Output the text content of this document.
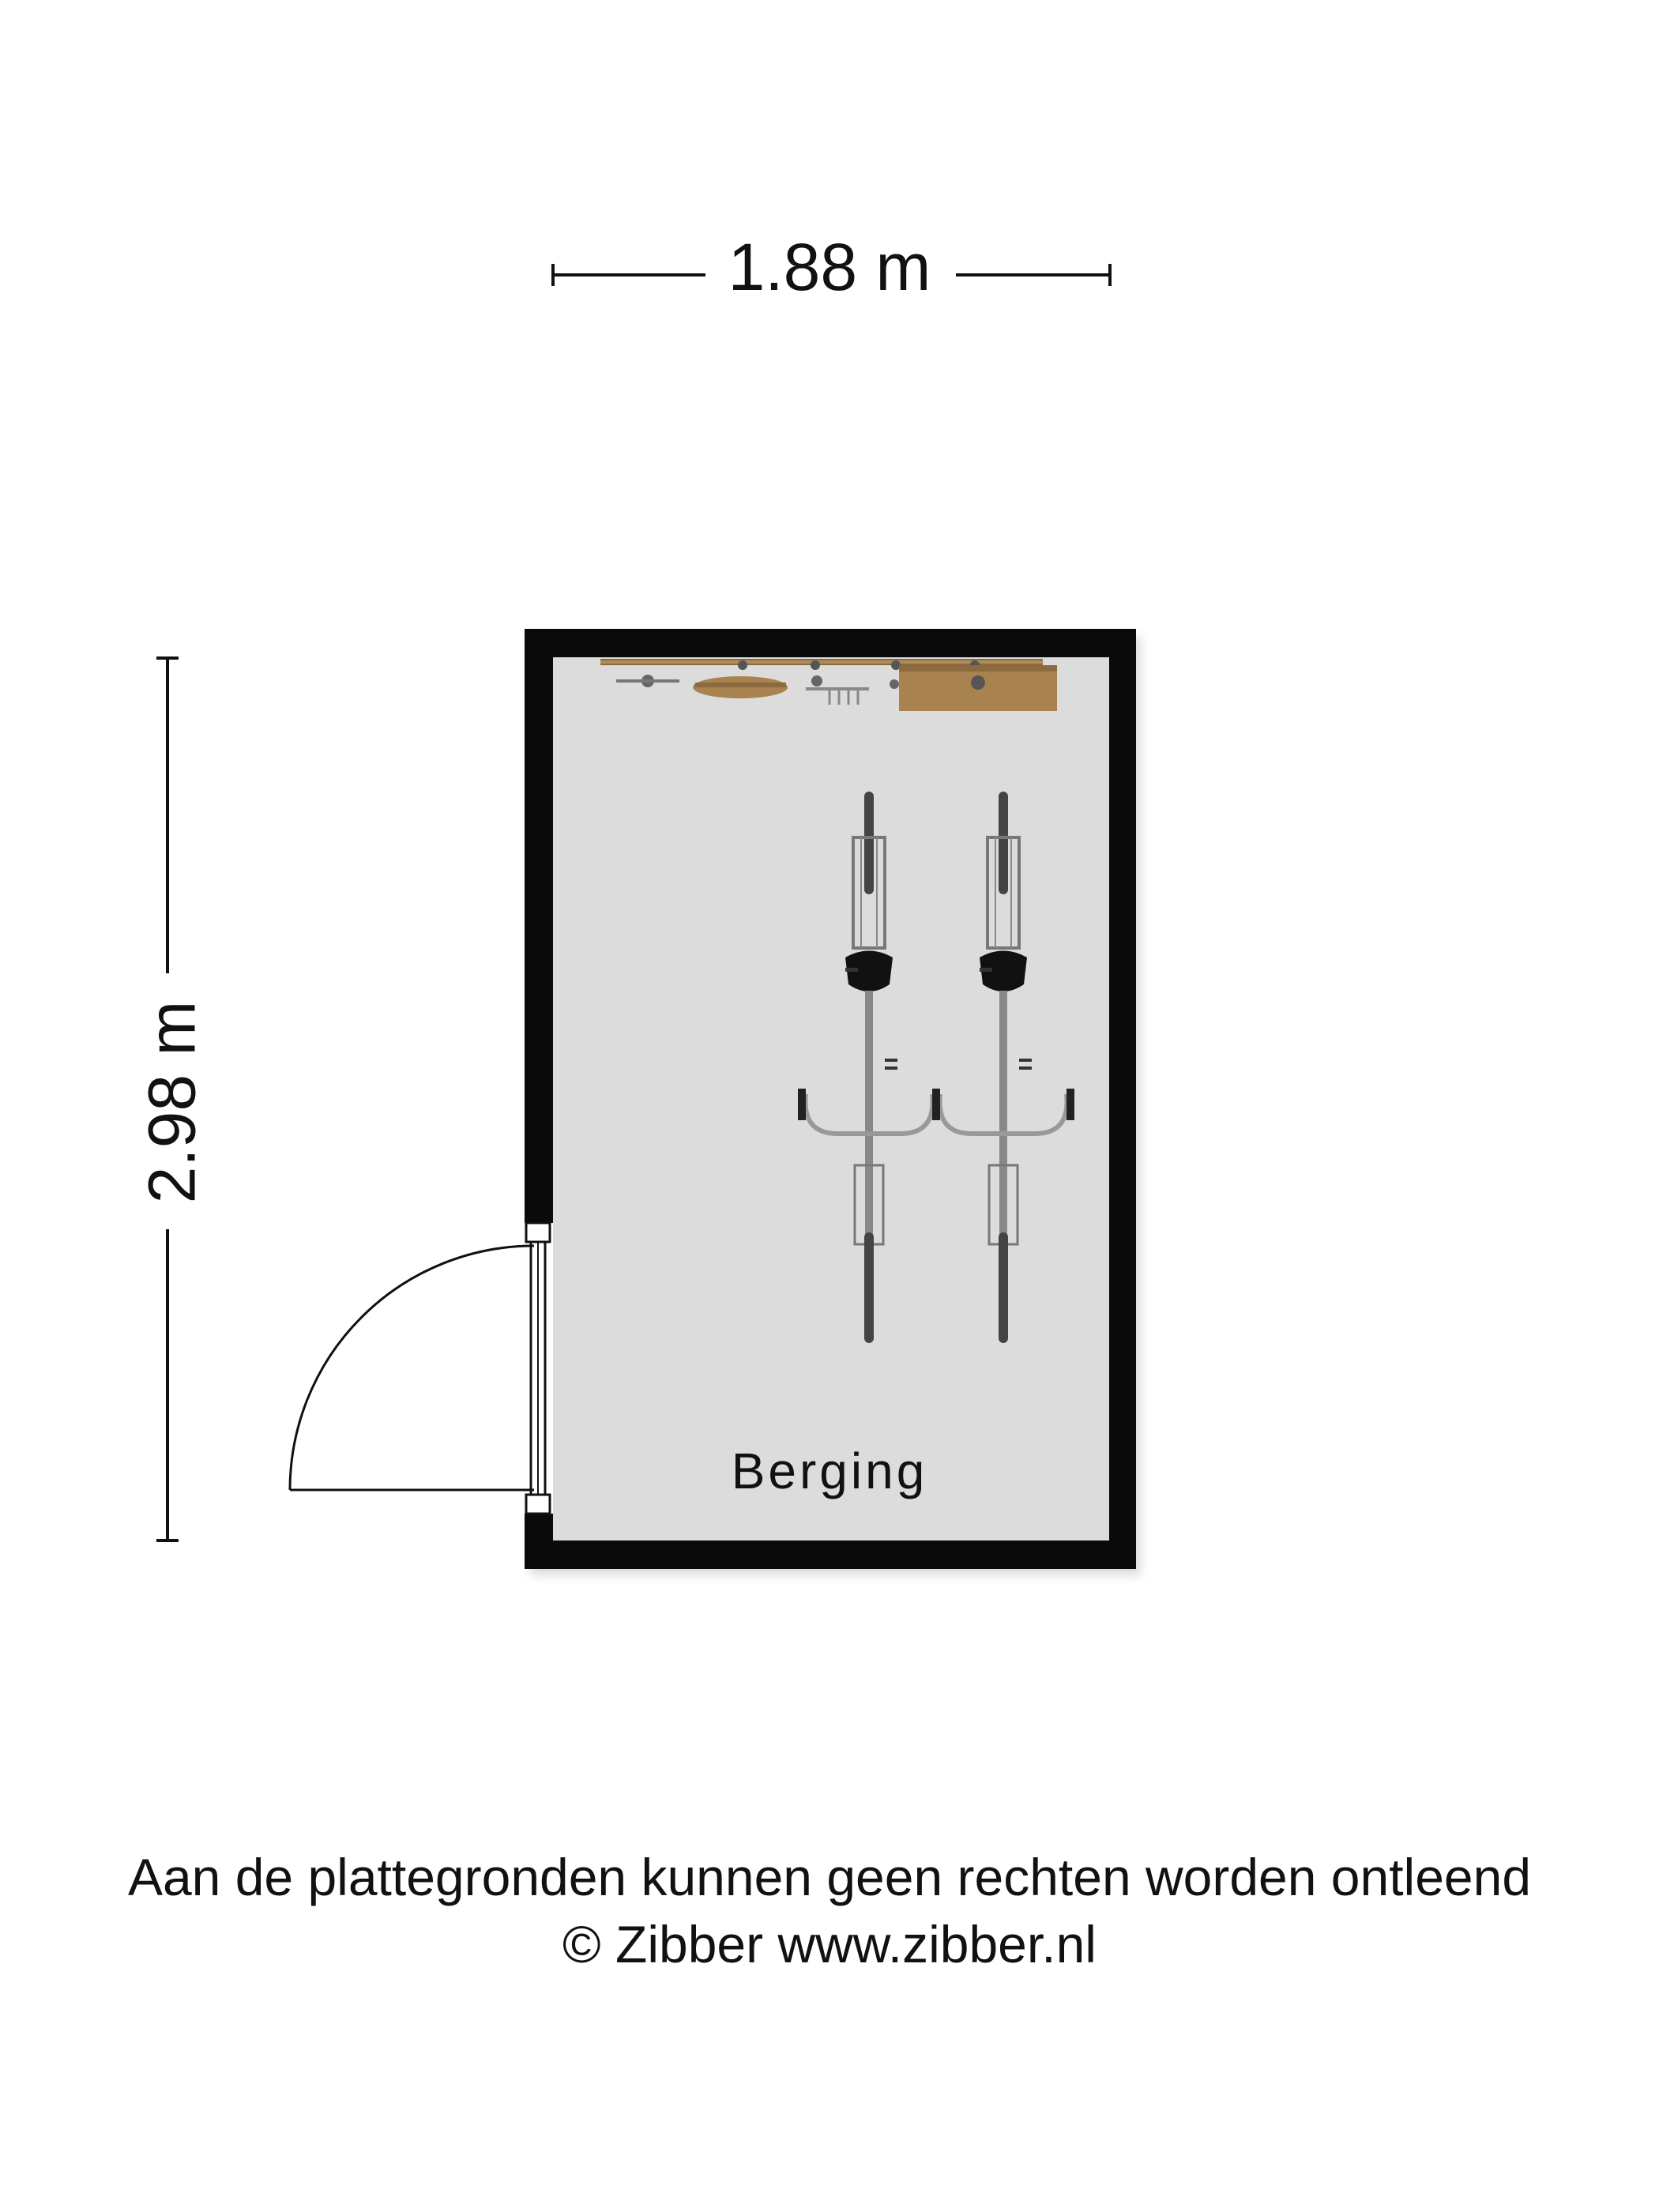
1.88 m
2.98 m
Berging
Aan de plattegronden kunnen geen rechten worden ontleend
© Zibber www.zibber.nl
